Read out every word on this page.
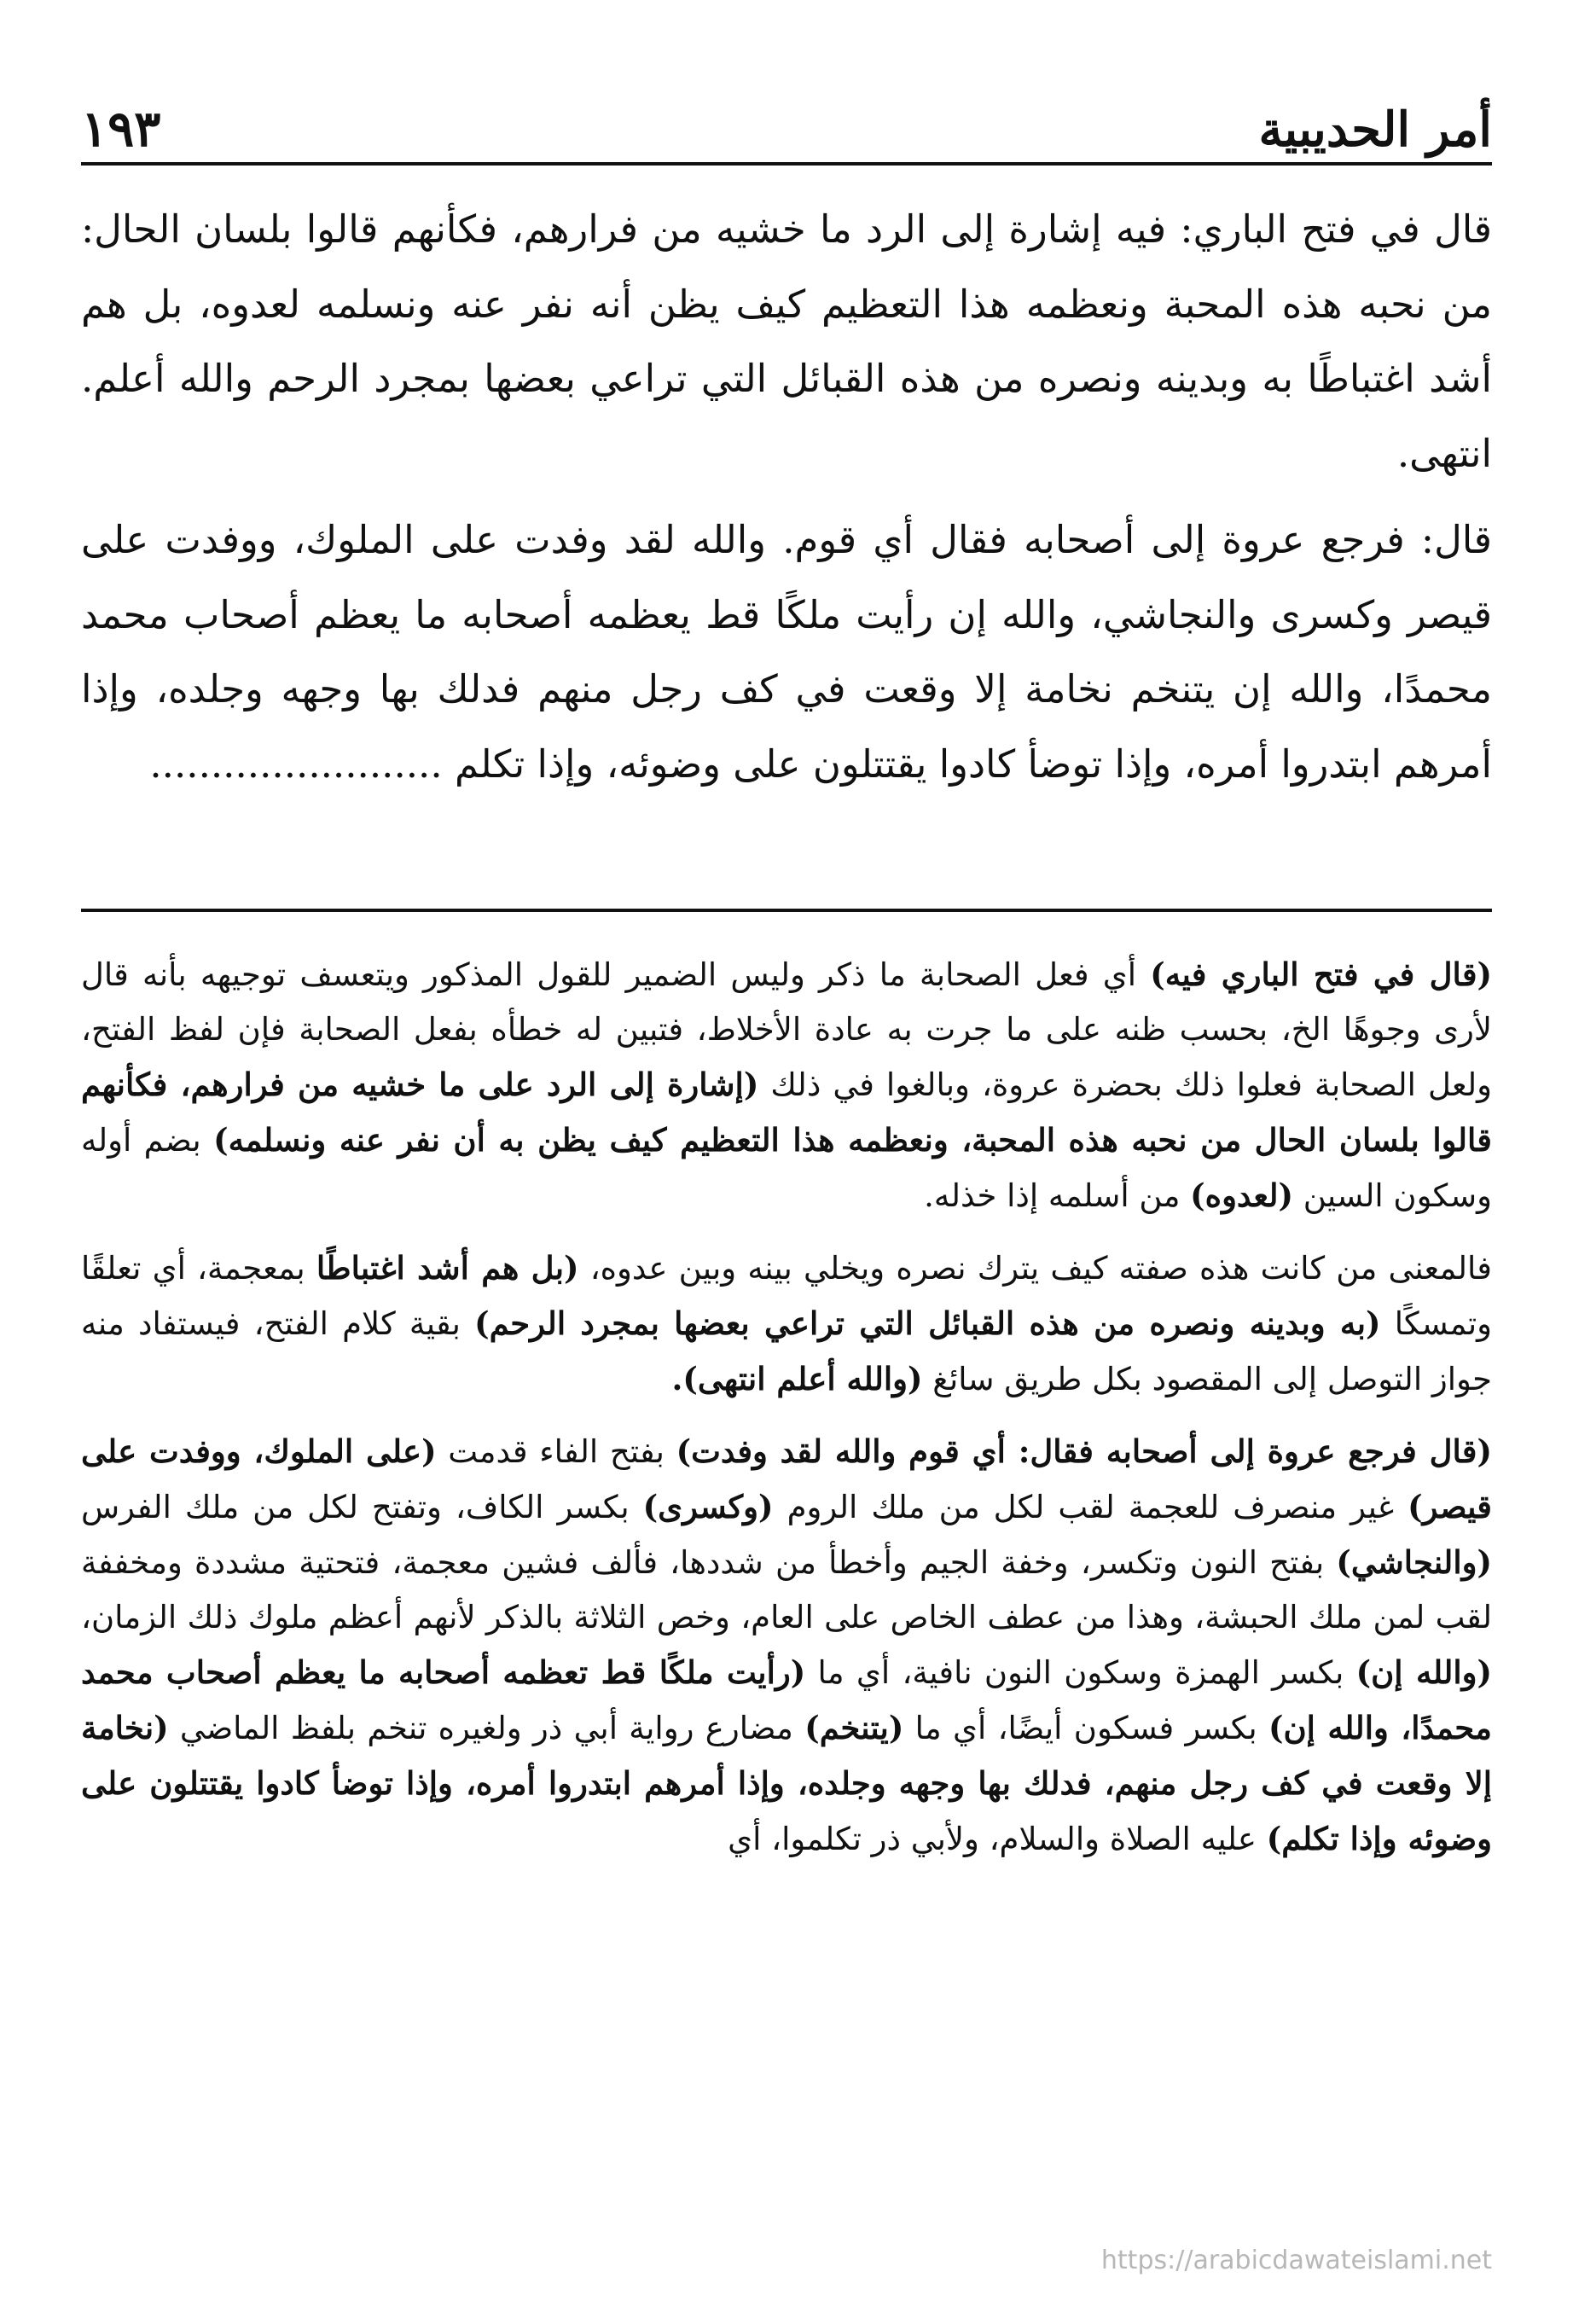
أمر الحديبية
١٩٣

قال في فتح الباري: فيه إشارة إلى الرد ما خشيه من فرارهم، فكأنهم قالوا بلسان الحال: من نحبه هذه المحبة ونعظمه هذا التعظيم كيف يظن أنه نفر عنه ونسلمه لعدوه، بل هم أشد اغتباطًا به وبدينه ونصره من هذه القبائل التي تراعي بعضها بمجرد الرحم والله أعلم. انتهى.

قال: فرجع عروة إلى أصحابه فقال أي قوم. والله لقد وفدت على الملوك، ووفدت على قيصر وكسرى والنجاشي، والله إن رأيت ملكًا قط يعظمه أصحابه ما يعظم أصحاب محمد محمدًا، والله إن يتنخم نخامة إلا وقعت في كف رجل منهم فدلك بها وجهه وجلده، وإذا أمرهم ابتدروا أمره، وإذا توضأ كادوا يقتتلون على وضوئه، وإذا تكلم ........................

(قال في فتح الباري فيه) أي فعل الصحابة ما ذكر وليس الضمير للقول المذكور ويتعسف توجيهه بأنه قال لأرى وجوهًا الخ، بحسب ظنه على ما جرت به عادة الأخلاط، فتبين له خطأه بفعل الصحابة فإن لفظ الفتح، ولعل الصحابة فعلوا ذلك بحضرة عروة، وبالغوا في ذلك (إشارة إلى الرد على ما خشيه من فرارهم، فكأنهم قالوا بلسان الحال من نحبه هذه المحبة، ونعظمه هذا التعظيم كيف يظن به أن نفر عنه ونسلمه) بضم أوله وسكون السين (لعدوه) من أسلمه إذا خذله.

فالمعنى من كانت هذه صفته كيف يترك نصره ويخلي بينه وبين عدوه، (بل هم أشد اغتباطًا بمعجمة، أي تعلقًا وتمسكًا (به وبدينه ونصره من هذه القبائل التي تراعي بعضها بمجرد الرحم) بقية كلام الفتح، فيستفاد منه جواز التوصل إلى المقصود بكل طريق سائغ (والله أعلم انتهى).

(قال فرجع عروة إلى أصحابه فقال: أي قوم والله لقد وفدت) بفتح الفاء قدمت (على الملوك، ووفدت على قيصر) غير منصرف للعجمة لقب لكل من ملك الروم (وكسرى) بكسر الكاف، وتفتح لكل من ملك الفرس (والنجاشي) بفتح النون وتكسر، وخفة الجيم وأخطأ من شددها، فألف فشين معجمة، فتحتية مشددة ومخففة لقب لمن ملك الحبشة، وهذا من عطف الخاص على العام، وخص الثلاثة بالذكر لأنهم أعظم ملوك ذلك الزمان، (والله إن) بكسر الهمزة وسكون النون نافية، أي ما (رأيت ملكًا قط تعظمه أصحابه ما يعظم أصحاب محمد محمدًا، والله إن) بكسر فسكون أيضًا، أي ما (يتنخم) مضارع رواية أبي ذر ولغيره تنخم بلفظ الماضي (نخامة إلا وقعت في كف رجل منهم، فدلك بها وجهه وجلده، وإذا أمرهم ابتدروا أمره، وإذا توضأ كادوا يقتتلون على وضوئه وإذا تكلم) عليه الصلاة والسلام، ولأبي ذر تكلموا، أي

https://arabicdawateislami.net
